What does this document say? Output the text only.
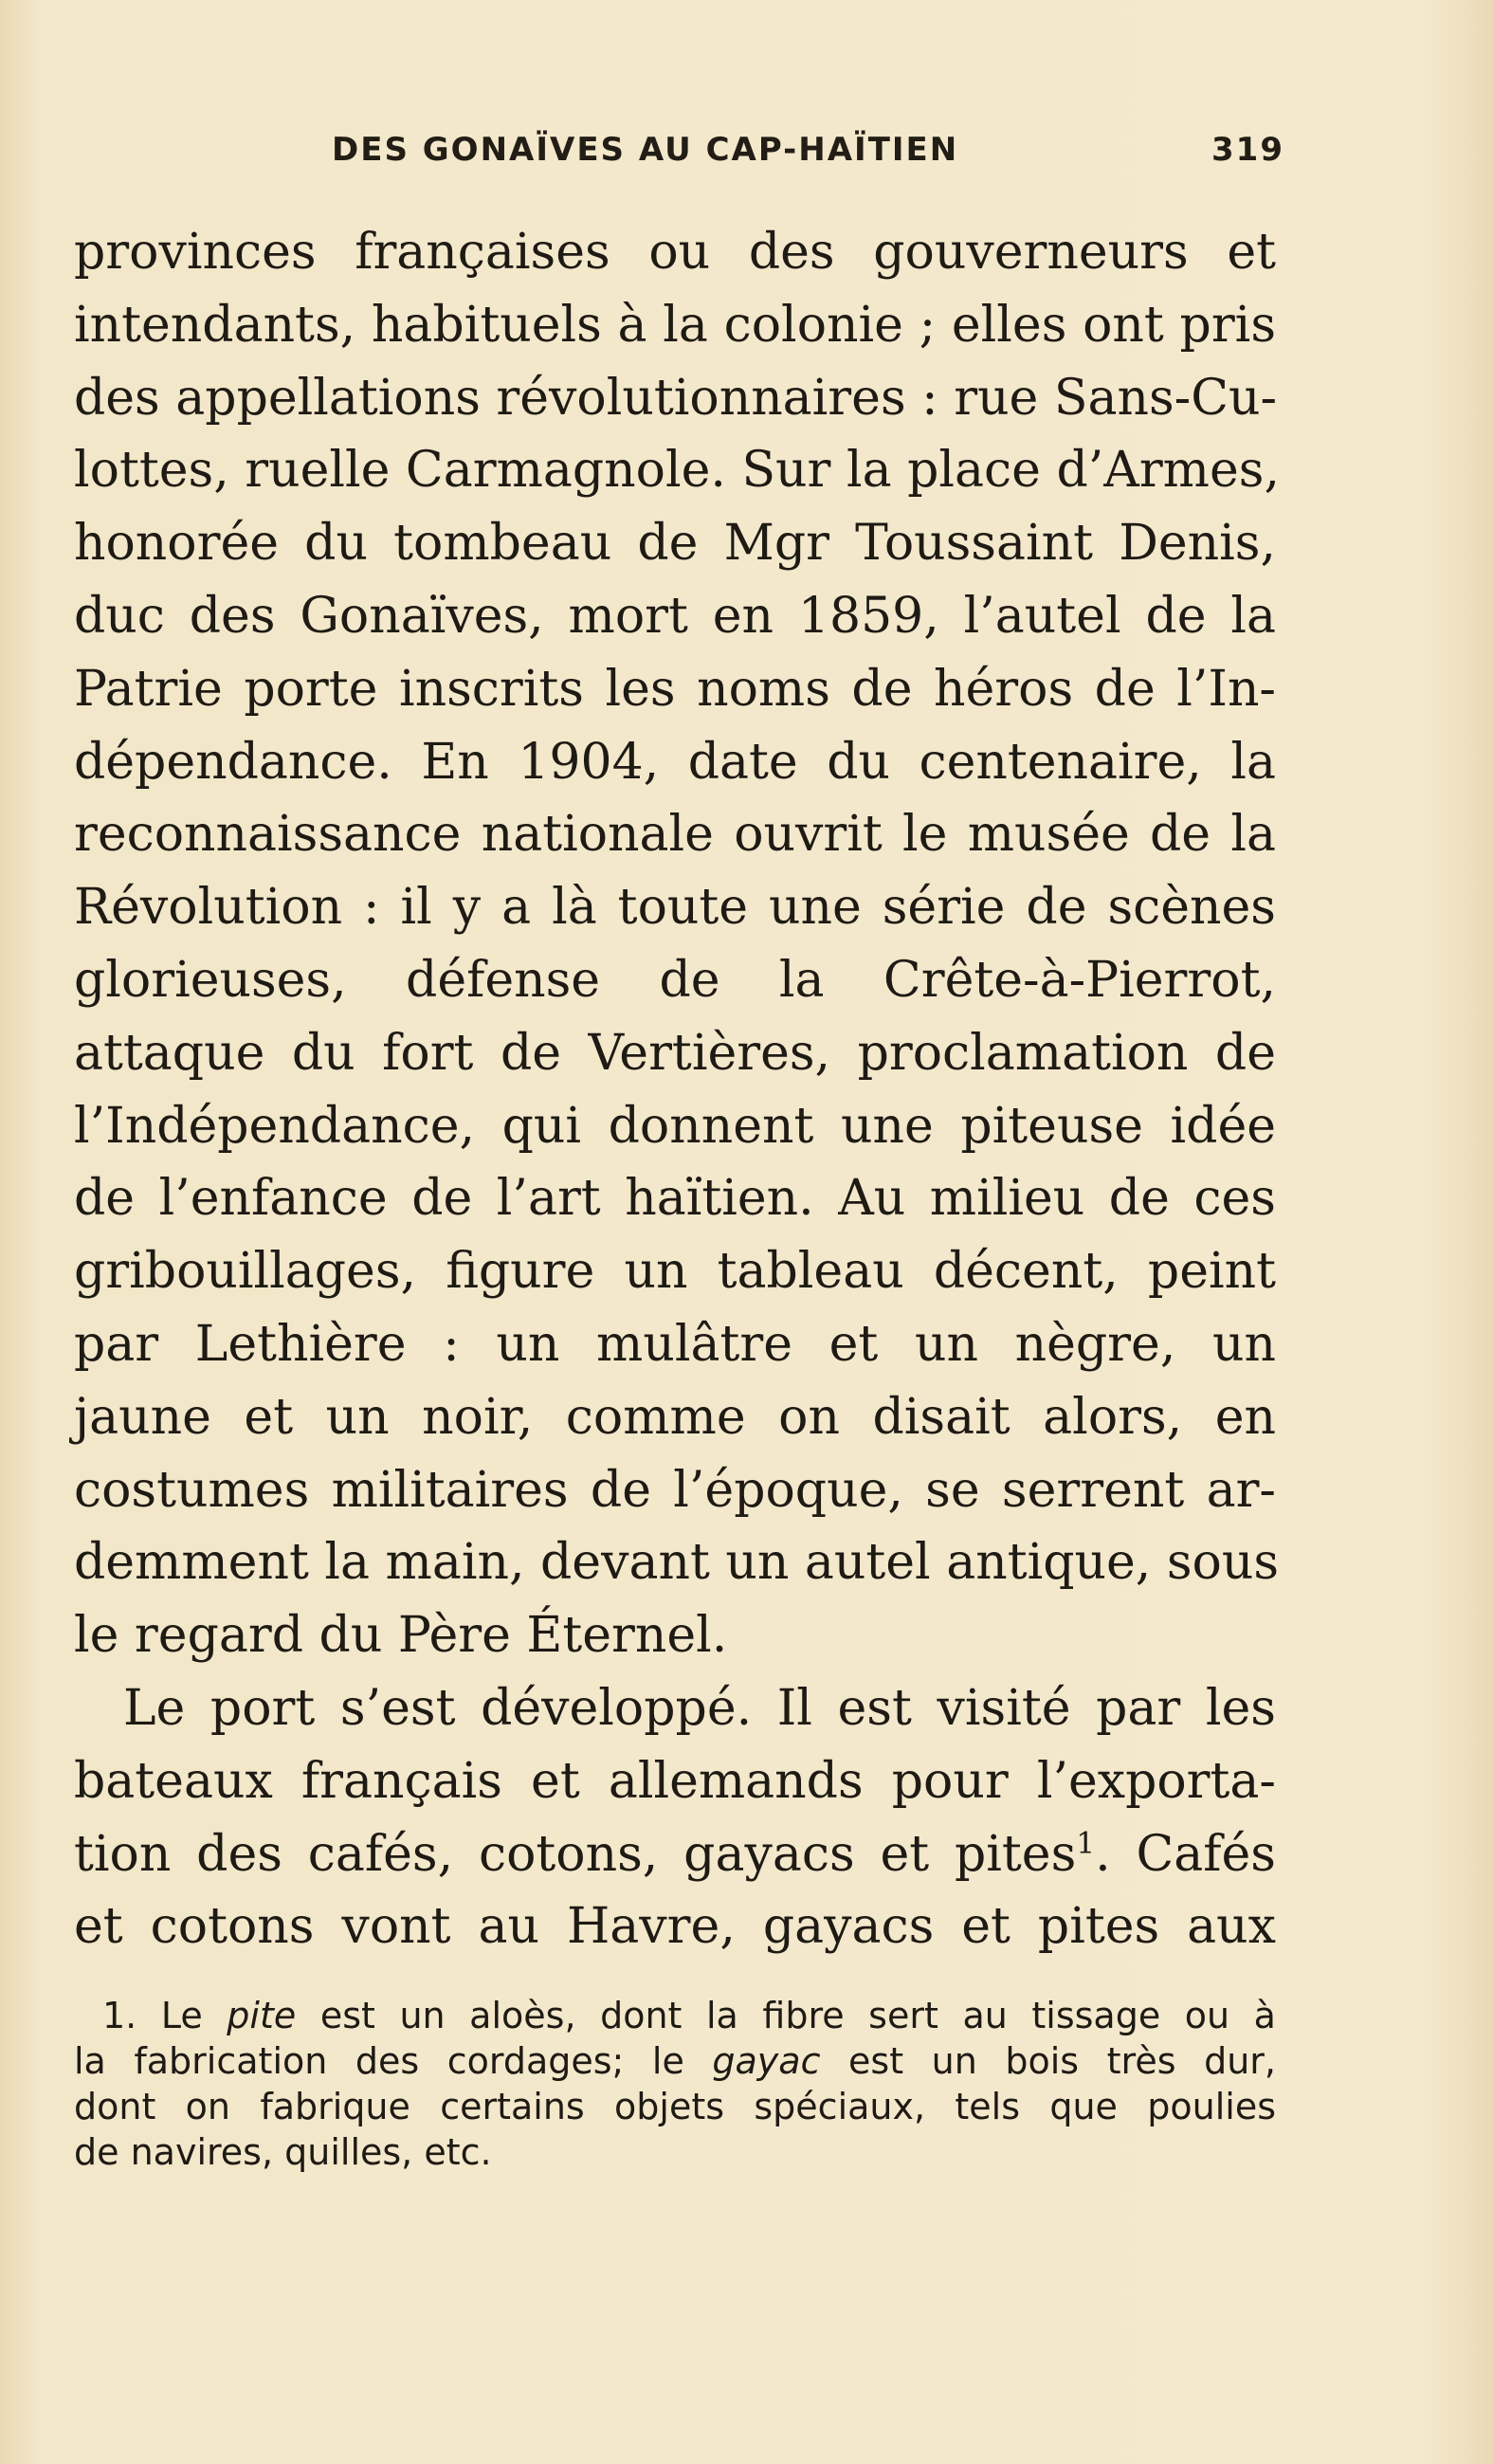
DES GONAÏVES AU CAP-HAÏTIEN	319
provinces françaises ou des gouverneurs et
intendants, habituels à la colonie ; elles ont pris
des appellations révolutionnaires : rue Sans-Cu-
lottes, ruelle Carmagnole. Sur la place d’Armes,
honorée du tombeau de Mgr Toussaint Denis,
duc des Gonaïves, mort en 1859, l’autel de la
Patrie porte inscrits les noms de héros de l’In-
dépendance. En 1904, date du centenaire, la
reconnaissance nationale ouvrit le musée de la
Révolution : il y a là toute une série de scènes
glorieuses, défense de la Crête-à-Pierrot,
attaque du fort de Vertières, proclamation de
l’Indépendance, qui donnent une piteuse idée
de l’enfance de l’art haïtien. Au milieu de ces
gribouillages, figure un tableau décent, peint
par Lethière : un mulâtre et un nègre, un
jaune et un noir, comme on disait alors, en
costumes militaires de l’époque, se serrent ar-
demment la main, devant un autel antique, sous
le regard du Père Éternel.
Le port s’est développé. Il est visité par les
bateaux français et allemands pour l’exporta-
tion des cafés, cotons, gayacs et pites$^1$. Cafés
et cotons vont au Havre, gayacs et pites aux
1. Le pite est un aloès, dont la fibre sert au tissage ou à
la fabrication des cordages; le gayac est un bois très dur,
dont on fabrique certains objets spéciaux, tels que poulies
de navires, quilles, etc.
